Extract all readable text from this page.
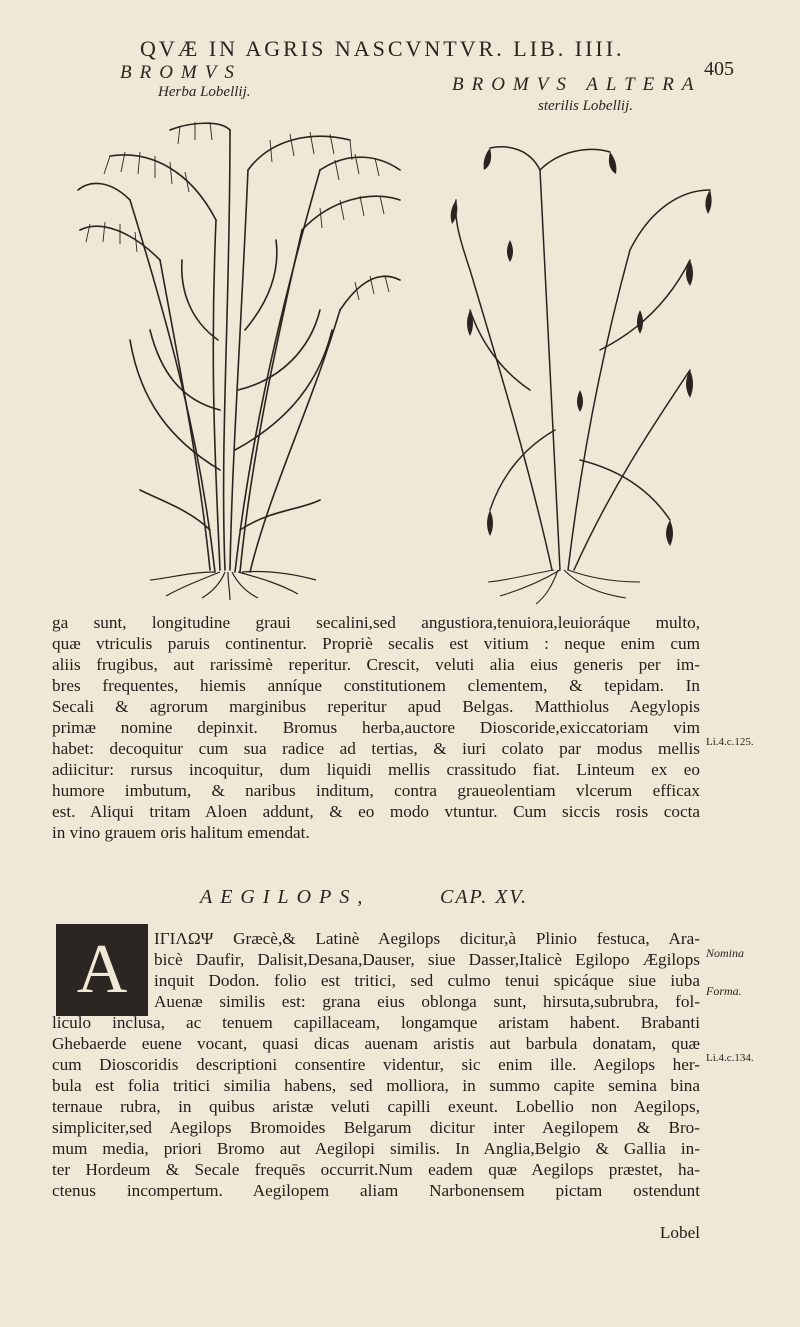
QVÆ IN AGRIS NASCVNTVR. LIB. IIII.
405
BROMVS
Herba Lobellij.	BROMVS ALTERA
sterilis Lobellij.
ga sunt, longitudine graui secalini,sed angustiora,tenuiora,leuioráque multo,
quæ vtriculis paruis continentur. Propriè secalis est vitium : neque enim cum
aliis frugibus, aut rarissimè reperitur. Crescit, veluti alia eius generis per im-
bres frequentes, hiemis anníque constitutionem clementem, & tepidam. In
Secali & agrorum marginibus reperitur apud Belgas. Matthiolus Aegylopis
primæ nomine depinxit. Bromus herba,auctore Dioscoride,exiccatoriam vim
habet: decoquitur cum sua radice ad tertias, & iuri colato par modus mellis
adiicitur: rursus incoquitur, dum liquidi mellis crassitudo fiat. Linteum ex eo
humore imbutum, & naribus inditum, contra graueolentiam vlcerum efficax
est. Aliqui tritam Aloen addunt, & eo modo vtuntur. Cum siccis rosis cocta
in vino grauem oris halitum emendat.
Li.4.c.125.
AEGILOPS,	CAP. XV.
A	ΙΓΙΛΩΨ Græcè,& Latinè Aegilops dicitur,à Plinio festuca, Ara-
bicè Daufir, Dalisit,Desana,Dauser, siue Dasser,Italicè Egilopo Ægilops
inquit Dodon. folio est tritici, sed culmo tenui spicáque siue iuba
Auenæ similis est: grana eius oblonga sunt, hirsuta,subrubra, fol-
liculo inclusa, ac tenuem capillaceam, longamque aristam habent. Brabanti
Ghebaerde euene vocant, quasi dicas auenam aristis aut barbula donatam, quæ
cum Dioscoridis descriptioni consentire videntur, sic enim ille. Aegilops her-
bula est folia tritici similia habens, sed molliora, in summo capite semina bina
ternaue rubra, in quibus aristæ veluti capilli exeunt. Lobellio non Aegilops,
simpliciter,sed Aegilops Bromoides Belgarum dicitur inter Aegilopem & Bro-
mum media, priori Bromo aut Aegilopi similis. In Anglia,Belgio & Gallia in-
ter Hordeum & Secale frequēs occurrit.Num eadem quæ Aegilops præstet, ha-
ctenus incompertum. Aegilopem aliam Narbonensem pictam ostendunt
Lobel
Nomina
Forma.
Li.4.c.134.
